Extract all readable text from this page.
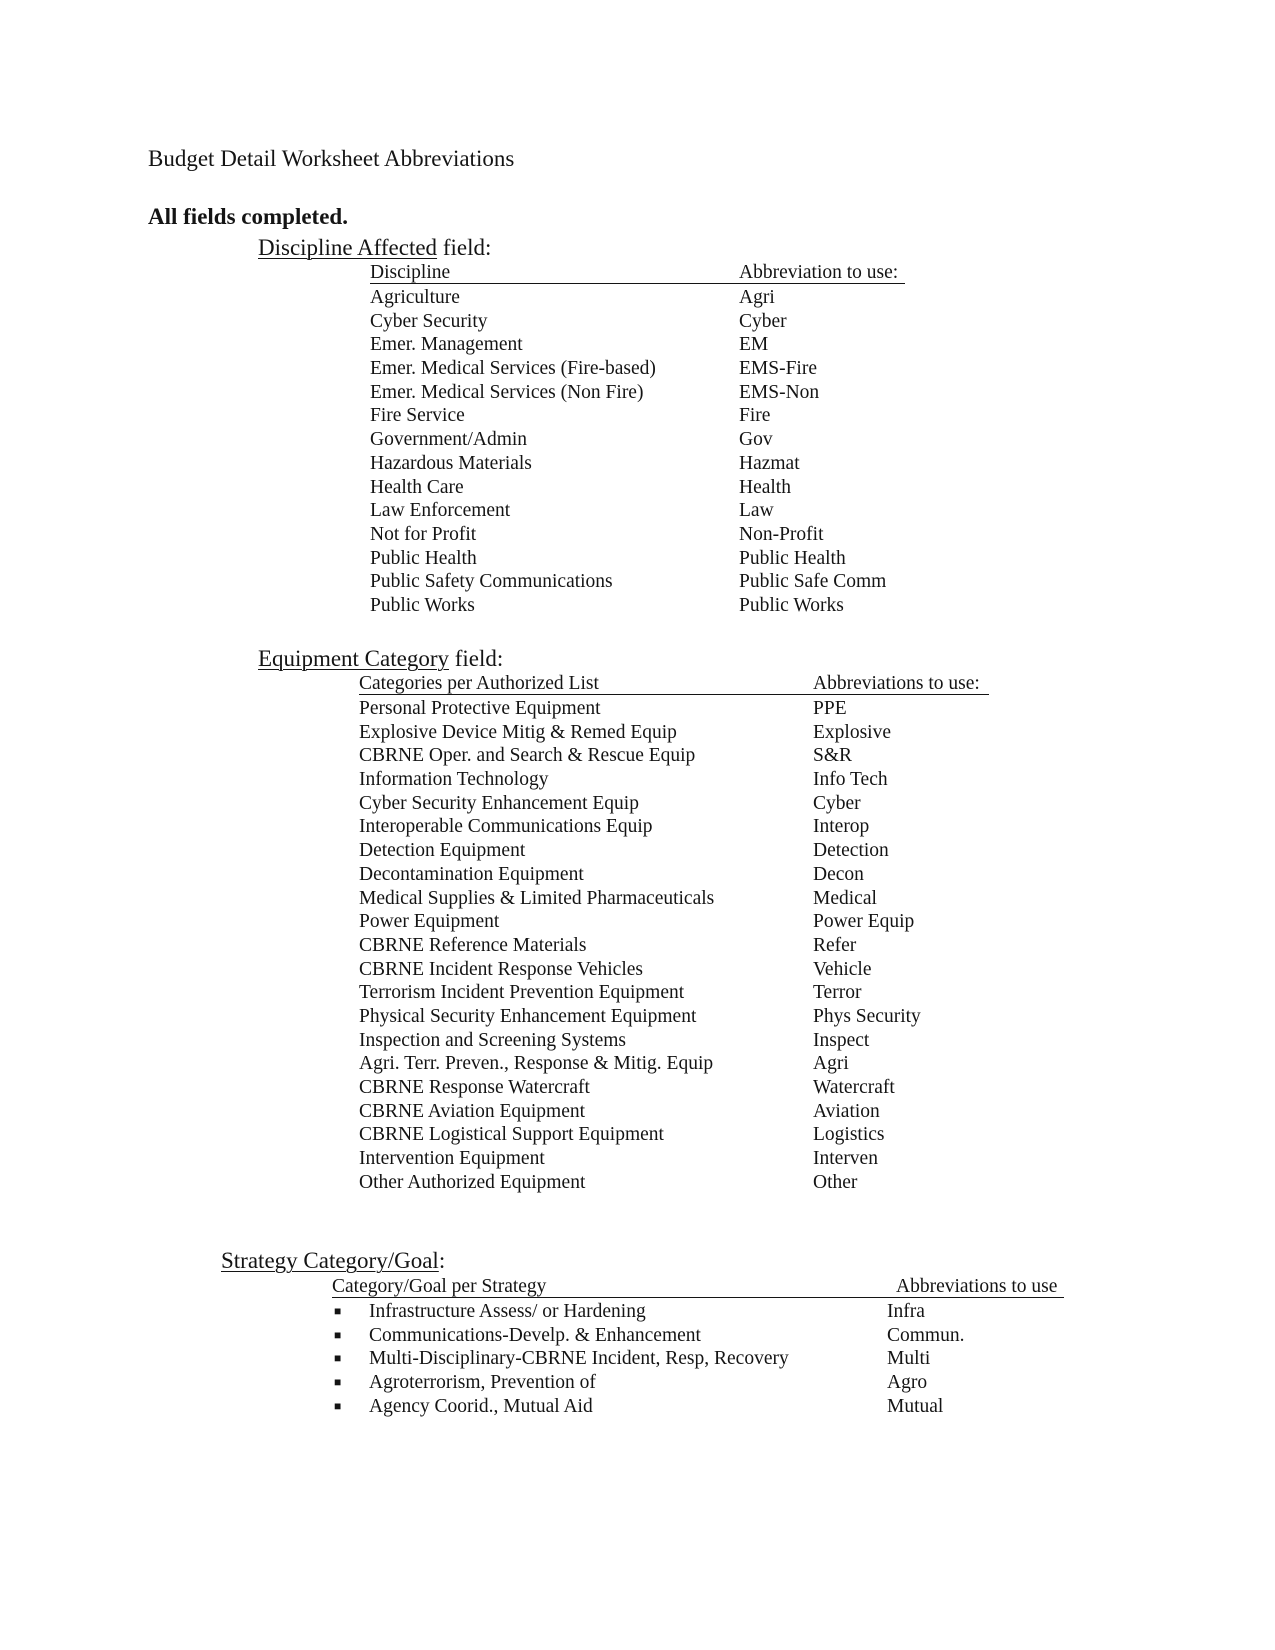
Budget Detail Worksheet Abbreviations
All fields completed.
Discipline Affected field:
Discipline	Abbreviation to use:
Agriculture	Agri
Cyber Security	Cyber
Emer. Management	EM
Emer. Medical Services (Fire-based)	EMS-Fire
Emer. Medical Services (Non Fire)	EMS-Non
Fire Service	Fire
Government/Admin	Gov
Hazardous Materials	Hazmat
Health Care	Health
Law Enforcement	Law
Not for Profit	Non-Profit
Public Health	Public Health
Public Safety Communications	Public Safe Comm
Public Works	Public Works
Equipment Category field:
Categories per Authorized List	Abbreviations to use:
Personal Protective Equipment	PPE
Explosive Device Mitig & Remed Equip	Explosive
CBRNE Oper. and Search & Rescue Equip	S&R
Information Technology	Info Tech
Cyber Security Enhancement Equip	Cyber
Interoperable Communications Equip	Interop
Detection Equipment	Detection
Decontamination Equipment	Decon
Medical Supplies & Limited Pharmaceuticals	Medical
Power Equipment	Power Equip
CBRNE Reference Materials	Refer
CBRNE Incident Response Vehicles	Vehicle
Terrorism Incident Prevention Equipment	Terror
Physical Security Enhancement Equipment	Phys Security
Inspection and Screening Systems	Inspect
Agri. Terr. Preven., Response & Mitig. Equip	Agri
CBRNE Response Watercraft	Watercraft
CBRNE Aviation Equipment	Aviation
CBRNE Logistical Support Equipment	Logistics
Intervention Equipment	Interven
Other Authorized Equipment	Other
Strategy Category/Goal:
Category/Goal per Strategy	Abbreviations to use
■ Infrastructure Assess/ or Hardening	Infra
■ Communications-Develp. & Enhancement	Commun.
■ Multi-Disciplinary-CBRNE Incident, Resp, Recovery	Multi
■ Agroterrorism, Prevention of	Agro
■ Agency Coorid., Mutual Aid	Mutual
